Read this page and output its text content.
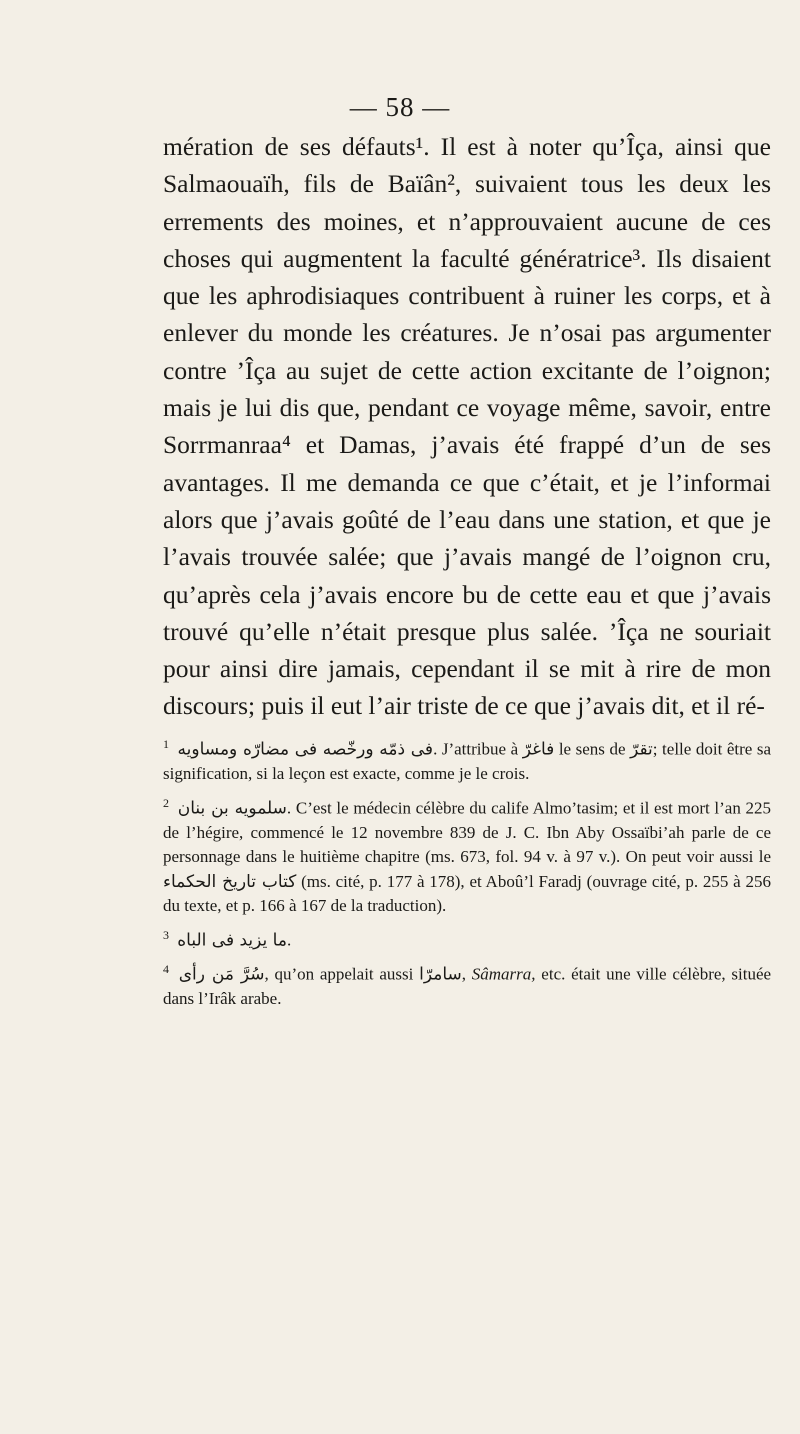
— 58 —

mération de ses défauts¹. Il est à noter qu’Îça, ainsi que Salmaouaïh, fils de Baïân², suivaient tous les deux les errements des moines, et n’approuvaient aucune de ces choses qui augmentent la faculté génératrice³. Ils disaient que les aphrodisiaques contribuent à ruiner les corps, et à enlever du monde les créatures. Je n’osai pas argumenter contre ’Îça au sujet de cette action excitante de l’oignon; mais je lui dis que, pendant ce voyage même, savoir, entre Sorrmanraa⁴ et Damas, j’avais été frappé d’un de ses avantages. Il me demanda ce que c’était, et je l’informai alors que j’avais goûté de l’eau dans une station, et que je l’avais trouvée salée; que j’avais mangé de l’oignon cru, qu’après cela j’avais encore bu de cette eau et que j’avais trouvé qu’elle n’était presque plus salée. ’Îça ne souriait pour ainsi dire jamais, cependant il se mit à rire de mon discours; puis il eut l’air triste de ce que j’avais dit, et il ré-

$^1$ فى ذمّه ورخّصه فى مضارّه ومساويه. J’attribue à فاغرّ le sens de تقرّ; telle doit être sa signification, si la leçon est exacte, comme je le crois.

$^2$ سلمويه بن بنان. C’est le médecin célèbre du calife Almo’tasim; et il est mort l’an 225 de l’hégire, commencé le 12 novembre 839 de J. C. Ibn Aby Ossaïbi’ah parle de ce personnage dans le huitième chapitre (ms. 673, fol. 94 v. à 97 v.). On peut voir aussi le كتاب تاريخ الحكماء (ms. cité, p. 177 à 178), et Aboû’l Faradj (ouvrage cité, p. 255 à 256 du texte, et p. 166 à 167 de la traduction).

$^3$ ما يزيد فى الباه.

$^4$ سُرَّ مَن رأى, qu’on appelait aussi سامرّا, Sâmarra, etc. était une ville célèbre, située dans l’Irâk arabe.
